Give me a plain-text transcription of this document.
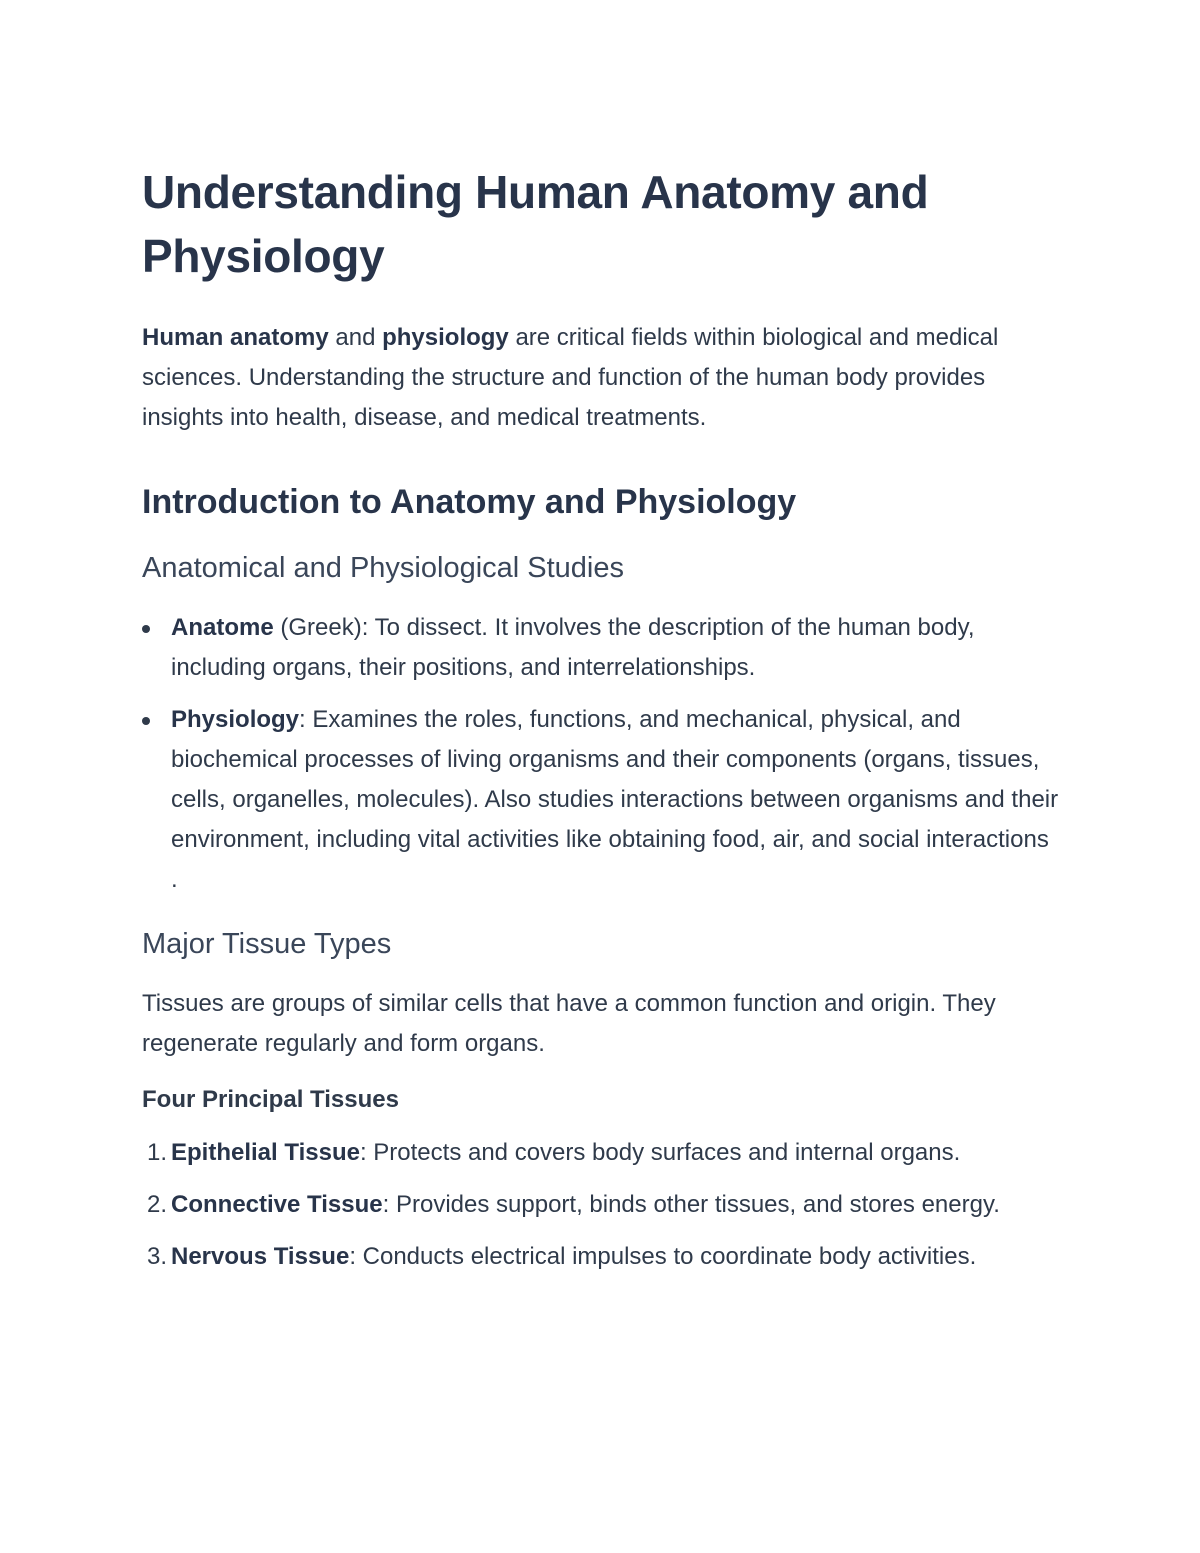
Understanding Human Anatomy and Physiology

Human anatomy and physiology are critical fields within biological and medical sciences. Understanding the structure and function of the human body provides insights into health, disease, and medical treatments.

Introduction to Anatomy and Physiology
Anatomical and Physiological Studies
Anatome (Greek): To dissect. It involves the description of the human body, including organs, their positions, and interrelationships.
Physiology: Examines the roles, functions, and mechanical, physical, and biochemical processes of living organisms and their components (organs, tissues, cells, organelles, molecules). Also studies interactions between organisms and their environment, including vital activities like obtaining food, air, and social interactions .
Major Tissue Types

Tissues are groups of similar cells that have a common function and origin. They regenerate regularly and form organs.

Four Principal Tissues
1. Epithelial Tissue: Protects and covers body surfaces and internal organs.
2. Connective Tissue: Provides support, binds other tissues, and stores energy.
3. Nervous Tissue: Conducts electrical impulses to coordinate body activities.
